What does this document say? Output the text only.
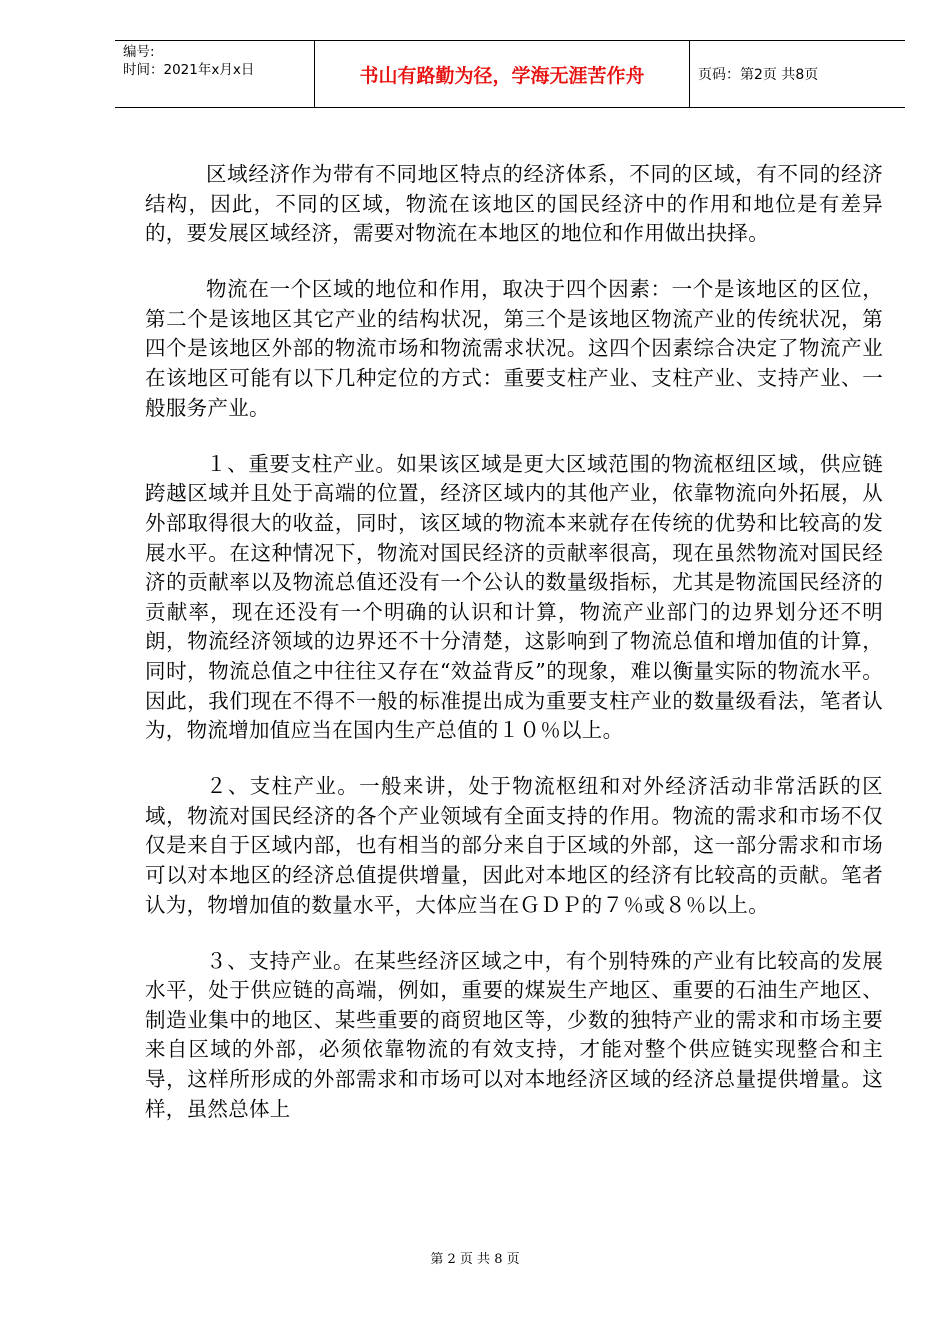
编号:
时间：2021年x月x日	书山有路勤为径，学海无涯苦作舟	页码：第2页 共8页

区域经济作为带有不同地区特点的经济体系，不同的区域，有不同的经济结构，因此，不同的区域，物流在该地区的国民经济中的作用和地位是有差异的，要发展区域经济，需要对物流在本地区的地位和作用做出抉择。

物流在一个区域的地位和作用，取决于四个因素：一个是该地区的区位，第二个是该地区其它产业的结构状况，第三个是该地区物流产业的传统状况，第四个是该地区外部的物流市场和物流需求状况。这四个因素综合决定了物流产业在该地区可能有以下几种定位的方式：重要支柱产业、支柱产业、支持产业、一般服务产业。

１、重要支柱产业。如果该区域是更大区域范围的物流枢纽区域，供应链跨越区域并且处于高端的位置，经济区域内的其他产业，依靠物流向外拓展，从外部取得很大的收益，同时，该区域的物流本来就存在传统的优势和比较高的发展水平。在这种情况下，物流对国民经济的贡献率很高，现在虽然物流对国民经济的贡献率以及物流总值还没有一个公认的数量级指标，尤其是物流国民经济的贡献率，现在还没有一个明确的认识和计算，物流产业部门的边界划分还不明朗，物流经济领域的边界还不十分清楚，这影响到了物流总值和增加值的计算，同时，物流总值之中往往又存在“效益背反”的现象，难以衡量实际的物流水平。因此，我们现在不得不一般的标准提出成为重要支柱产业的数量级看法，笔者认为，物流增加值应当在国内生产总值的１０％以上。

２、支柱产业。一般来讲，处于物流枢纽和对外经济活动非常活跃的区域，物流对国民经济的各个产业领域有全面支持的作用。物流的需求和市场不仅仅是来自于区域内部，也有相当的部分来自于区域的外部，这一部分需求和市场可以对本地区的经济总值提供增量，因此对本地区的经济有比较高的贡献。笔者认为，物增加值的数量水平，大体应当在ＧＤＰ的７％或８％以上。

３、支持产业。在某些经济区域之中，有个别特殊的产业有比较高的发展水平，处于供应链的高端，例如，重要的煤炭生产地区、重要的石油生产地区、制造业集中的地区、某些重要的商贸地区等，少数的独特产业的需求和市场主要来自区域的外部，必须依靠物流的有效支持，才能对整个供应链实现整合和主导，这样所形成的外部需求和市场可以对本地经济区域的经济总量提供增量。这样，虽然总体上

第 2 页 共 8 页
